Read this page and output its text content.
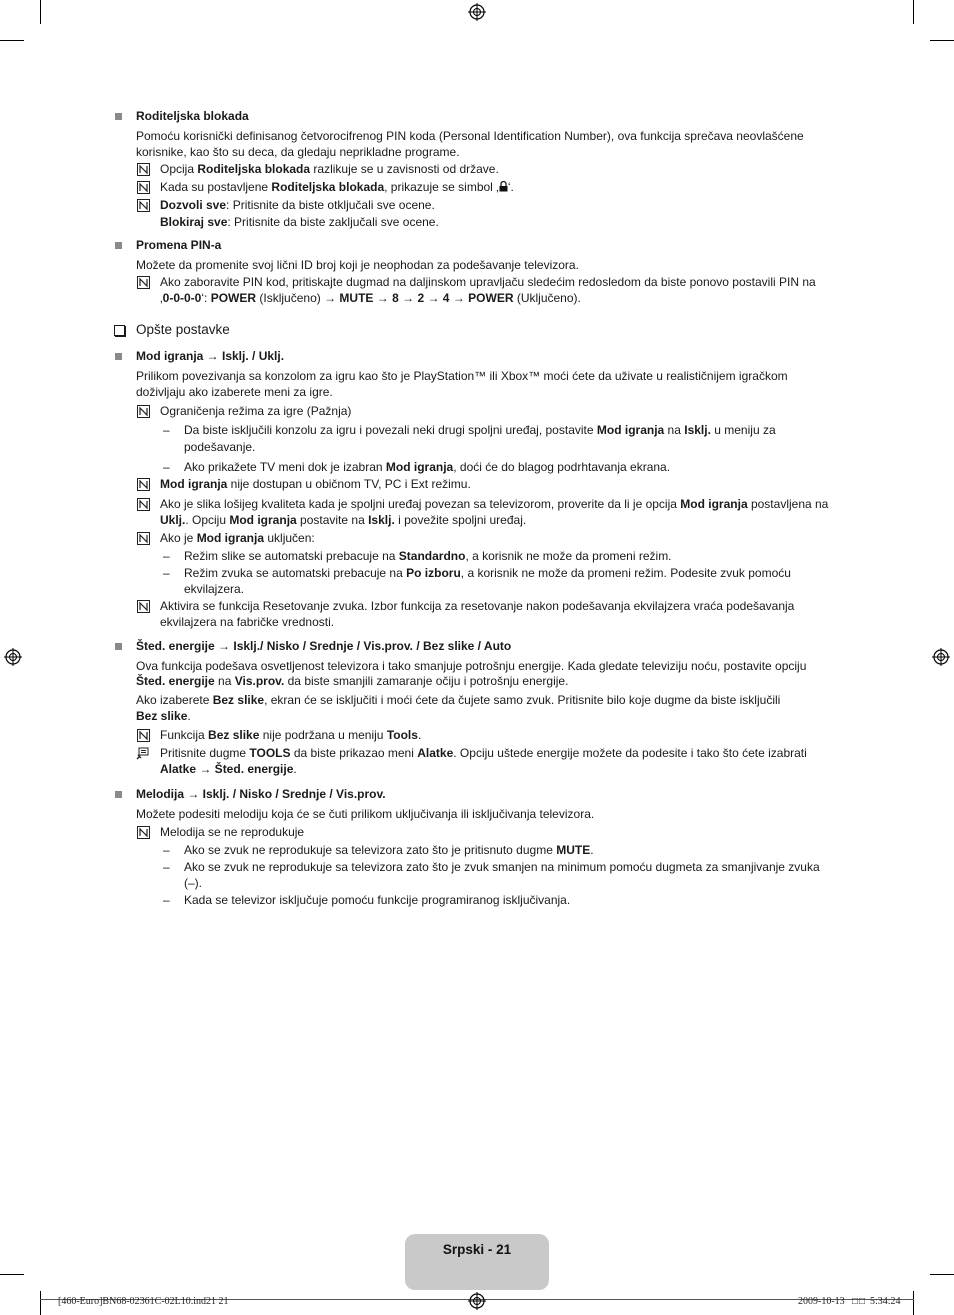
Roditeljska blokada
Pomoću korisnički definisanog četvorocifrenog PIN koda (Personal Identification Number), ova funkcija sprečava neovlašćene
korisnike, kao što su deca, da gledaju neprikladne programe.
Opcija Roditeljska blokada razlikuje se u zavisnosti od države.
Kada su postavljene Roditeljska blokada, prikazuje se simbol ‚ ‘.
Dozvoli sve: Pritisnite da biste otključali sve ocene.
Blokiraj sve: Pritisnite da biste zaključali sve ocene.
Promena PIN-a
Možete da promenite svoj lični ID broj koji je neophodan za podešavanje televizora.
Ako zaboravite PIN kod, pritiskajte dugmad na daljinskom upravljaču sledećim redosledom da biste ponovo postavili PIN na
‚0-0-0-0‘: POWER (Isključeno) → MUTE → 8 → 2 → 4 → POWER (Uključeno).
Opšte postavke
Mod igranja → Isklj. / Uklj.
Prilikom povezivanja sa konzolom za igru kao što je PlayStation™ ili Xbox™ moći ćete da uživate u realističnijem igračkom
doživljaju ako izaberete meni za igre.
Ograničenja režima za igre (Pažnja)
– Da biste isključili konzolu za igru i povezali neki drugi spoljni uređaj, postavite Mod igranja na Isklj. u meniju za
podešavanje.
– Ako prikažete TV meni dok je izabran Mod igranja, doći će do blagog podrhtavanja ekrana.
Mod igranja nije dostupan u običnom TV, PC i Ext režimu.
Ako je slika lošijeg kvaliteta kada je spoljni uređaj povezan sa televizorom, proverite da li je opcija Mod igranja postavljena na
Uklj.. Opciju Mod igranja postavite na Isklj. i povežite spoljni uređaj.
Ako je Mod igranja uključen:
– Režim slike se automatski prebacuje na Standardno, a korisnik ne može da promeni režim.
– Režim zvuka se automatski prebacuje na Po izboru, a korisnik ne može da promeni režim. Podesite zvuk pomoću
ekvilajzera.
Aktivira se funkcija Resetovanje zvuka. Izbor funkcija za resetovanje nakon podešavanja ekvilajzera vraća podešavanja
ekvilajzera na fabričke vrednosti.
Šted. energije → Isklj./ Nisko / Srednje / Vis.prov. / Bez slike / Auto
Ova funkcija podešava osvetljenost televizora i tako smanjuje potrošnju energije. Kada gledate televiziju noću, postavite opciju
Šted. energije na Vis.prov. da biste smanjili zamaranje očiju i potrošnju energije.
Ako izaberete Bez slike, ekran će se isključiti i moći ćete da čujete samo zvuk. Pritisnite bilo koje dugme da biste isključili
Bez slike.
Funkcija Bez slike nije podržana u meniju Tools.
Pritisnite dugme TOOLS da biste prikazao meni Alatke. Opciju uštede energije možete da podesite i tako što ćete izabrati
Alatke → Šted. energije.
Melodija → Isklj. / Nisko / Srednje / Vis.prov.
Možete podesiti melodiju koja će se čuti prilikom uključivanja ili isključivanja televizora.
Melodija se ne reprodukuje
– Ako se zvuk ne reprodukuje sa televizora zato što je pritisnuto dugme MUTE.
– Ako se zvuk ne reprodukuje sa televizora zato što je zvuk smanjen na minimum pomoću dugmeta za smanjivanje zvuka
(–).
– Kada se televizor isključuje pomoću funkcije programiranog isključivanja.
Srpski - 21
[460-Euro]BN68-02361C-02L10.ind21 21	2009-10-13 □□ 5:34:24
